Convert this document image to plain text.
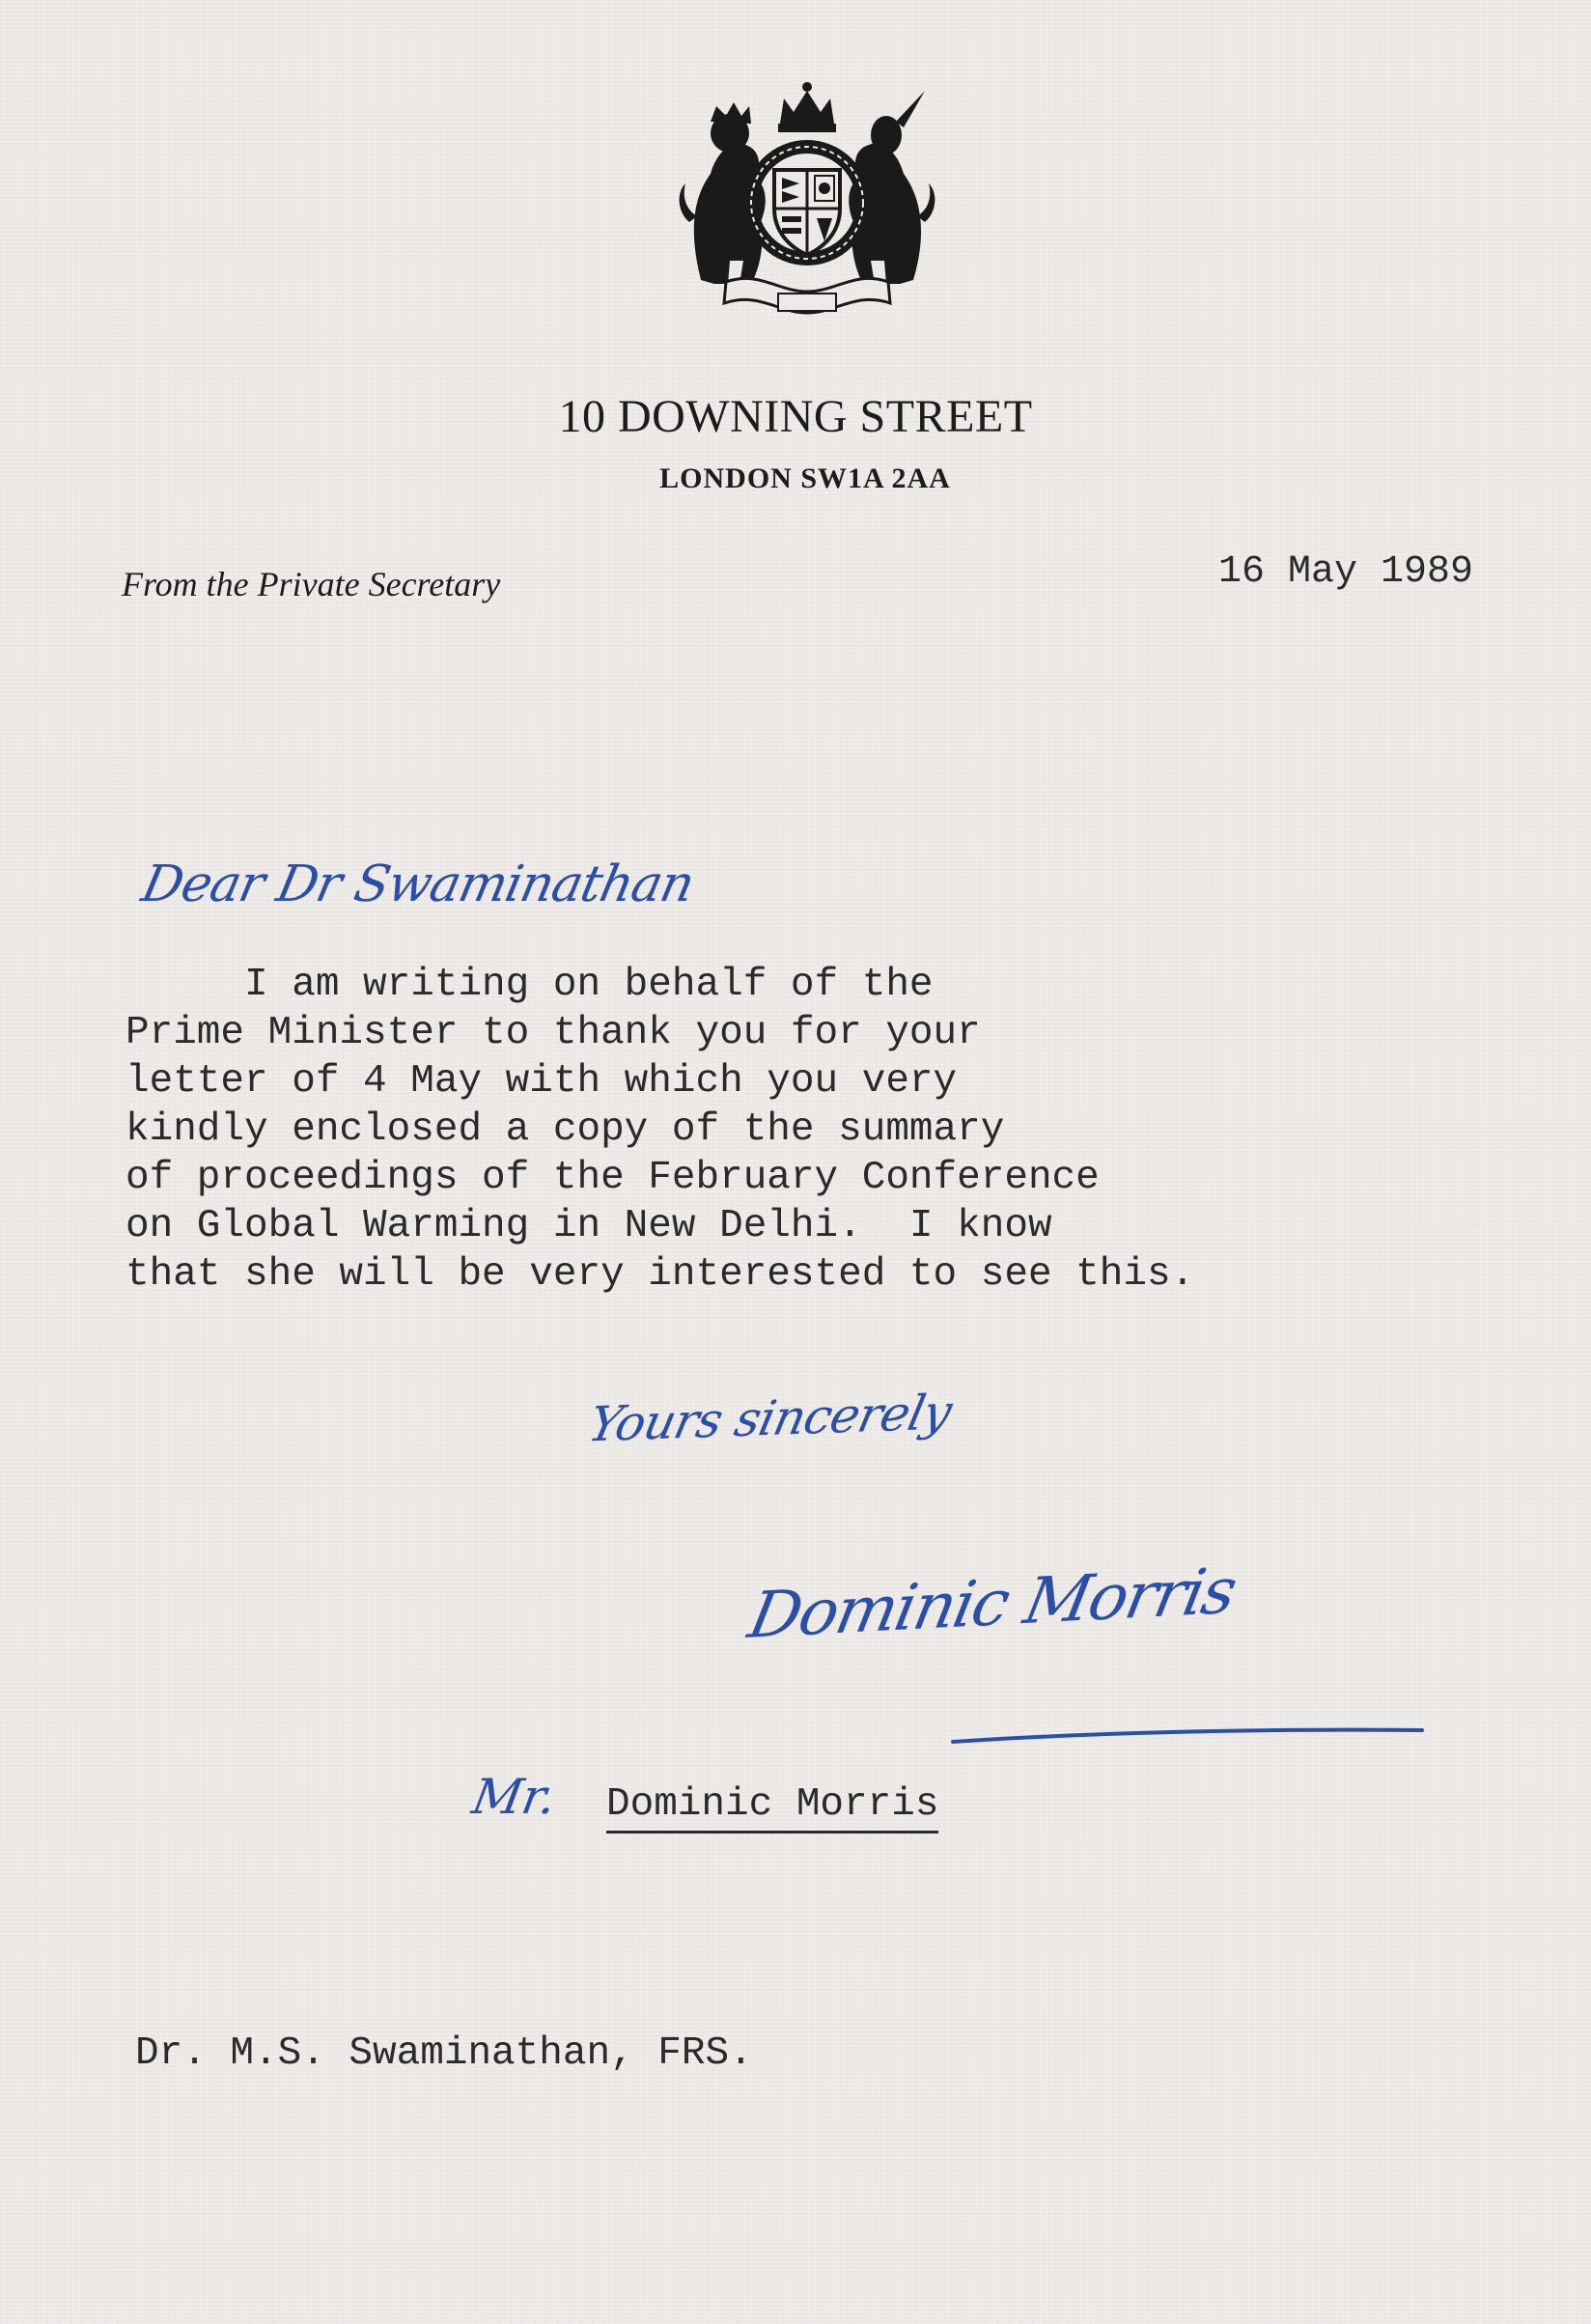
10 DOWNING STREET
LONDON SW1A 2AA
From the Private Secretary	16 May 1989
Dear Dr Swaminathan
I am writing on behalf of the
Prime Minister to thank you for your
letter of 4 May with which you very
kindly enclosed a copy of the summary
of proceedings of the February Conference
on Global Warming in New Delhi.  I know
that she will be very interested to see this.
Yours sincerely
Dominic Morris
Mr. Dominic Morris
Dr. M.S. Swaminathan, FRS.
